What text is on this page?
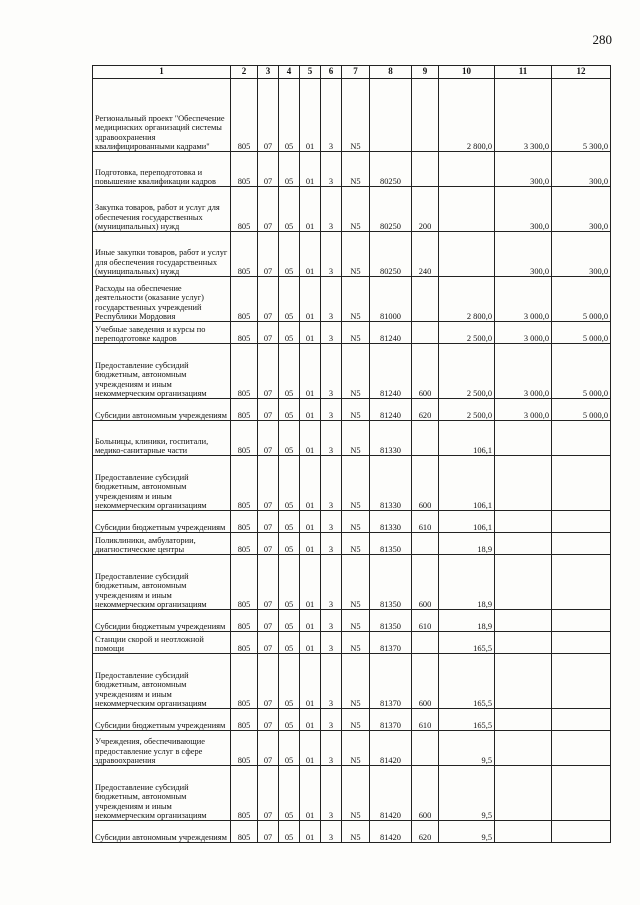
280
1	2	3	4	5	6	7	8	9	10	11	12
Региональный проект "Обеспечение медицинских организаций системы здравоохранения квалифицированными кадрами"	805	07	05	01	3	N5			2 800,0	3 300,0	5 300,0
Подготовка, переподготовка и повышение квалификации кадров	805	07	05	01	3	N5	80250			300,0	300,0
Закупка товаров, работ и услуг для обеспечения государственных (муниципальных) нужд	805	07	05	01	3	N5	80250	200		300,0	300,0
Иные закупки товаров, работ и услуг для обеспечения государственных (муниципальных) нужд	805	07	05	01	3	N5	80250	240		300,0	300,0
Расходы на обеспечение деятельности (оказание услуг) государственных учреждений Республики Мордовия	805	07	05	01	3	N5	81000		2 800,0	3 000,0	5 000,0
Учебные заведения и курсы по переподготовке кадров	805	07	05	01	3	N5	81240		2 500,0	3 000,0	5 000,0
Предоставление субсидий бюджетным, автономным учреждениям и иным некоммерческим организациям	805	07	05	01	3	N5	81240	600	2 500,0	3 000,0	5 000,0
Субсидии автономным учреждениям	805	07	05	01	3	N5	81240	620	2 500,0	3 000,0	5 000,0
Больницы, клиники, госпитали, медико-санитарные части	805	07	05	01	3	N5	81330		106,1		
Предоставление субсидий бюджетным, автономным учреждениям и иным некоммерческим организациям	805	07	05	01	3	N5	81330	600	106,1		
Субсидии бюджетным учреждениям	805	07	05	01	3	N5	81330	610	106,1		
Поликлиники, амбулатории, диагностические центры	805	07	05	01	3	N5	81350		18,9		
Предоставление субсидий бюджетным, автономным учреждениям и иным некоммерческим организациям	805	07	05	01	3	N5	81350	600	18,9		
Субсидии бюджетным учреждениям	805	07	05	01	3	N5	81350	610	18,9		
Станции скорой и неотложной помощи	805	07	05	01	3	N5	81370		165,5		
Предоставление субсидий бюджетным, автономным учреждениям и иным некоммерческим организациям	805	07	05	01	3	N5	81370	600	165,5		
Субсидии бюджетным учреждениям	805	07	05	01	3	N5	81370	610	165,5		
Учреждения, обеспечивающие предоставление услуг в сфере здравоохранения	805	07	05	01	3	N5	81420		9,5		
Предоставление субсидий бюджетным, автономным учреждениям и иным некоммерческим организациям	805	07	05	01	3	N5	81420	600	9,5		
Субсидии автономным учреждениям	805	07	05	01	3	N5	81420	620	9,5		
